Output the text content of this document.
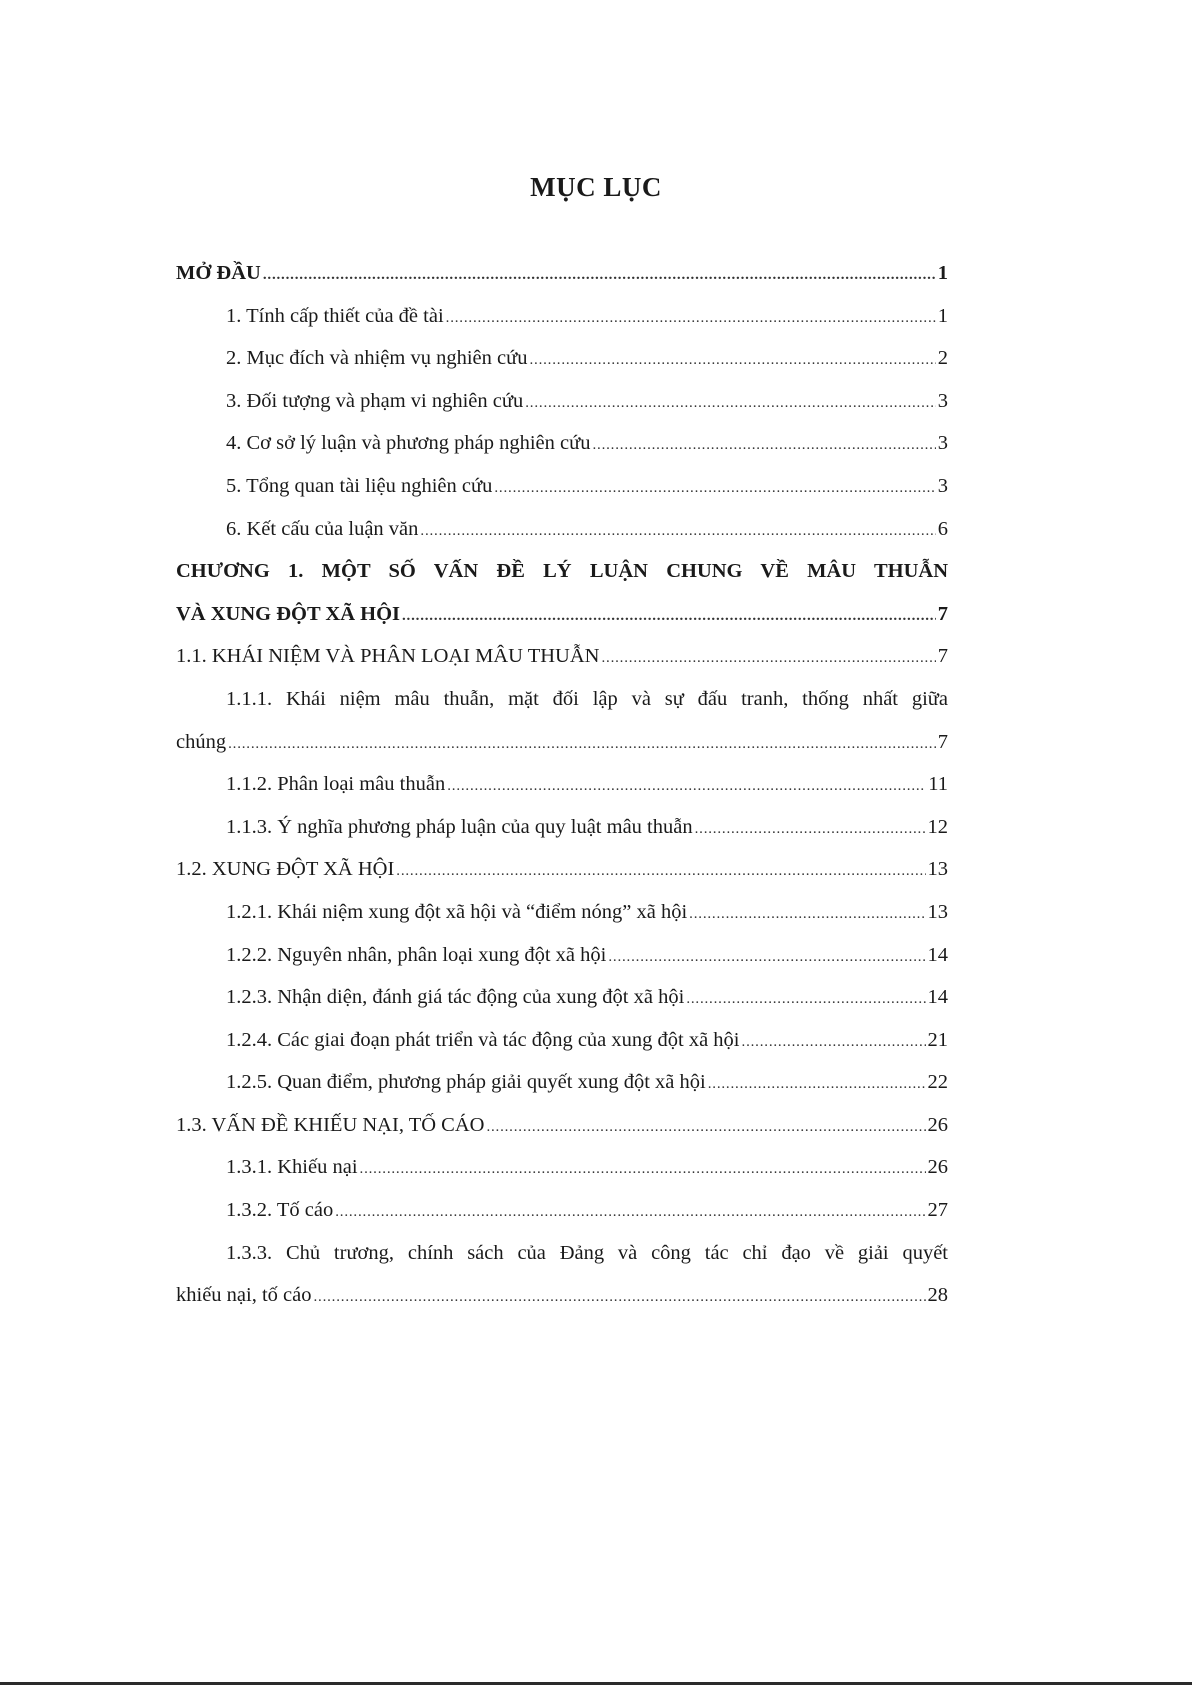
MỤC LỤC
MỞ ĐẦU .....	1
1. Tính cấp thiết của đề tài .....	1
2. Mục đích và nhiệm vụ nghiên cứu .....	2
3. Đối tượng và phạm vi nghiên cứu .....	3
4. Cơ sở lý luận và phương pháp nghiên cứu .....	3
5. Tổng quan tài liệu nghiên cứu .....	3
6. Kết cấu của luận văn .....	6
CHƯƠNG 1. MỘT SỐ VẤN ĐỀ LÝ LUẬN CHUNG VỀ MÂU THUẪN
VÀ XUNG ĐỘT XÃ HỘI .....	7
1.1. KHÁI NIỆM VÀ PHÂN LOẠI MÂU THUẪN .....	7
1.1.1. Khái niệm mâu thuẫn, mặt đối lập và sự đấu tranh, thống nhất giữa
chúng .....	7
1.1.2. Phân loại mâu thuẫn .....	11
1.1.3. Ý nghĩa phương pháp luận của quy luật mâu thuẫn .....	12
1.2. XUNG ĐỘT XÃ HỘI .....	13
1.2.1. Khái niệm xung đột xã hội và “điểm nóng” xã hội .....	13
1.2.2. Nguyên nhân, phân loại xung đột xã hội .....	14
1.2.3. Nhận diện, đánh giá tác động của xung đột xã hội .....	14
1.2.4. Các giai đoạn phát triển và tác động của xung đột xã hội .....	21
1.2.5. Quan điểm, phương pháp giải quyết xung đột xã hội .....	22
1.3. VẤN ĐỀ KHIẾU NẠI, TỐ CÁO .....	26
1.3.1. Khiếu nại .....	26
1.3.2. Tố cáo .....	27
1.3.3. Chủ trương, chính sách của Đảng và công tác chỉ đạo về giải quyết
khiếu nại, tố cáo .....	28
